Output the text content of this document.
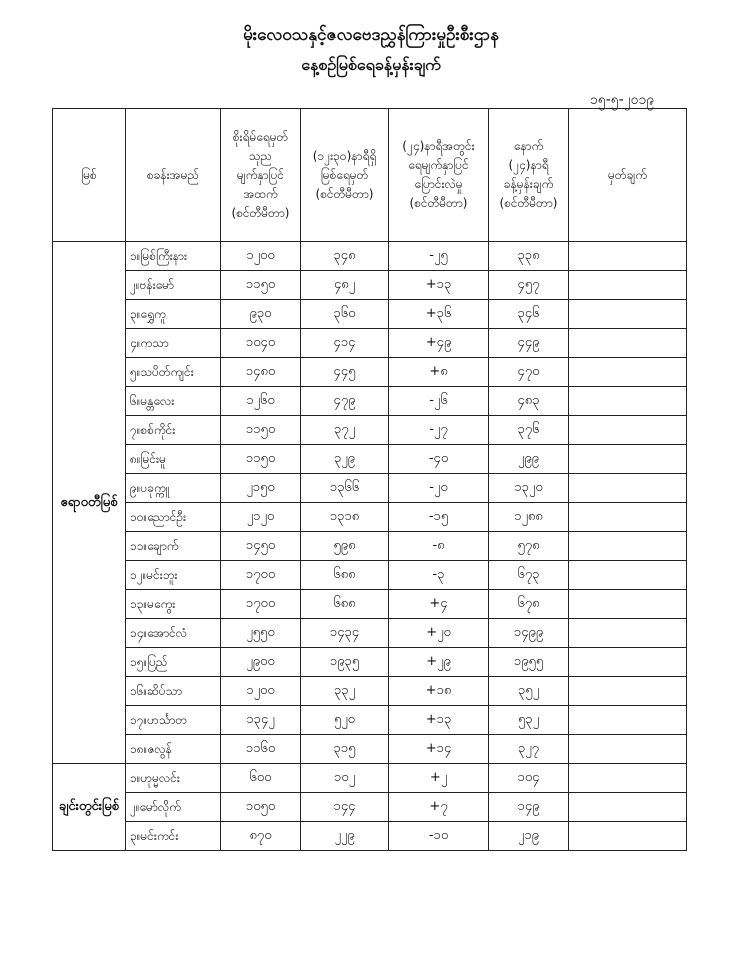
မိုးလေဝသနှင့်ဇလဗေဒညွှန်ကြားမှုဦးစီးဌာန
နေ့စဉ်မြစ်ရေခန့်မှန်းချက်
၁၅-၅-၂၀၁၉
မြစ်	စခန်းအမည်	စိုးရိမ်ရေမှတ်
သုည
မျက်နှာပြင်
အထက်
(စင်တီမီတာ)	(၁၂း၃၀)နာရီရှိ
မြစ်ရေမှတ်
(စင်တီမီတာ)	(၂၄)နာရီအတွင်း
ရေမျက်နှာပြင်
ပြောင်းလဲမှု
(စင်တီမီတာ)	နောက်
(၂၄)နာရီ
ခန့်မှန်းချက်
(စင်တီမီတာ)	မှတ်ချက်
ဧရာဝတီမြစ်	၁။မြစ်ကြီးနား	၁၂၀၀	၃၄၈	-၂၅	၃၃၈	
	၂။ဗန်းမော်	၁၁၅၀	၄၈၂	+၁၃	၄၅၇	
	၃။ရွှေကူ	၉၃၀	၃၆၀	+၃၆	၃၄၆	
	၄။ကသာ	၁၀၄၀	၄၁၄	+၄၉	၄၄၉	
	၅။သပိတ်ကျင်း	၁၄၈၀	၄၄၅	+၈	၄၇၀	
	၆။မန္တလေး	၁၂၆၀	၄၇၉	-၂၆	၄၈၃	
	၇။စစ်ကိုင်း	၁၁၅၀	၃၇၂	-၂၇	၃၇၆	
	၈။မြင်းမူ	၁၁၅၀	၃၂၉	-၄၀	၂၉၉	
	၉။ပခုက္ကူ	၂၁၅၀	၁၃၆၆	-၂၀	၁၃၂၀	
	၁၀။ညောင်ဦး	၂၁၂၀	၁၃၁၈	-၁၅	၁၂၈၈	
	၁၁။ချောက်	၁၄၅၀	၅၉၈	-၈	၅၇၈	
	၁၂။မင်းဘူး	၁၇၀၀	၆၈၈	-၃	၆၇၃	
	၁၃။မကွေး	၁၇၀၀	၆၈၈	+၄	၆၇၈	
	၁၄။အောင်လံ	၂၅၅၀	၁၄၃၄	+၂၀	၁၄၉၉	
	၁၅။ပြည်	၂၉၀၀	၁၉၃၅	+၂၉	၁၉၅၅	
	၁၆။ဆိပ်သာ	၁၂၀၀	၃၃၂	+၁၈	၃၅၂	
	၁၇။ဟင်္သာတ	၁၃၄၂	၅၂၀	+၁၃	၅၃၂	
	၁၈။ဇလွန်	၁၁၆၀	၃၁၅	+၁၄	၃၂၇	
ချင်းတွင်းမြစ်	၁။ဟုမ္မလင်း	၆၀၀	၁၀၂	+၂	၁၀၄	
	၂။မော်လိုက်	၁၀၅၀	၁၄၄	+၇	၁၄၉	
	၃။မင်းကင်း	၈၇၀	၂၂၉	-၁၀	၂၁၉	
